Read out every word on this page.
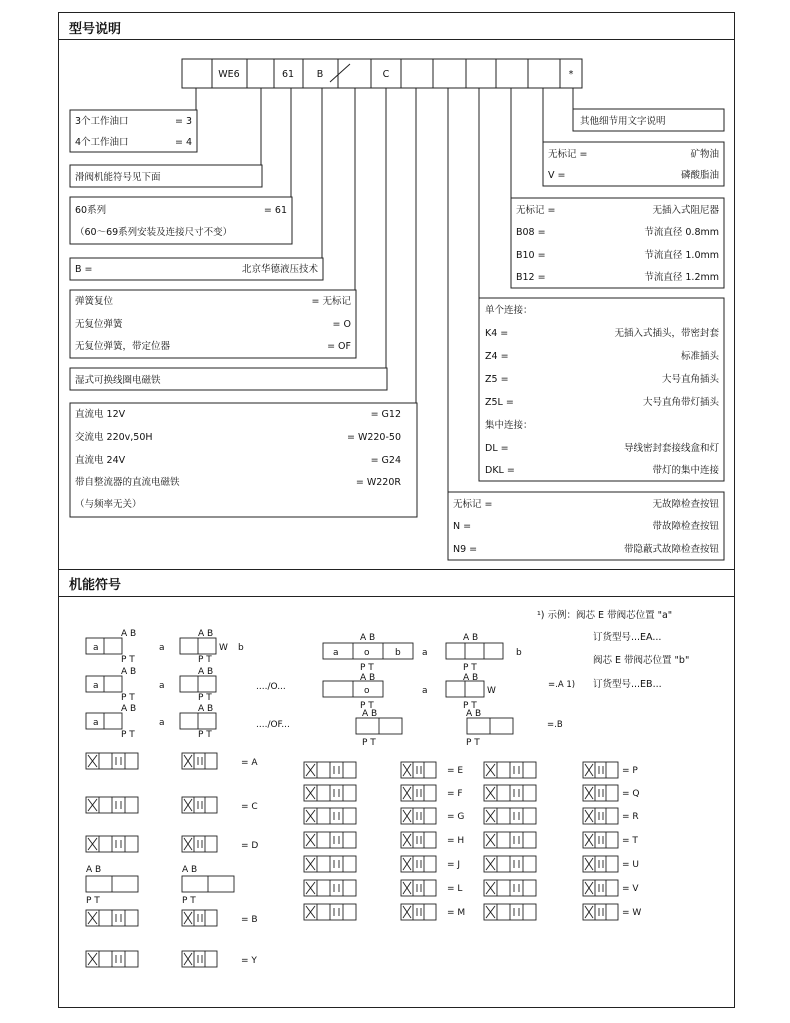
型号说明
机能符号
WE6	61 B	C	*
3个工作油口	= 3
4个工作油口	= 4
滑阀机能符号见下面
60系列	= 61
（60～69系列安装及连接尺寸不变）
B =	北京华德液压技术
弹簧复位	= 无标记
无复位弹簧	= O
无复位弹簧，带定位器	= OF
湿式可换线圈电磁铁
直流电 12V	= G12
交流电 220v,50H	= W220-50
直流电 24V	= G24
带自整流器的直流电磁铁	= W220R
（与频率无关）
其他细节用文字说明
无标记 =	矿物油
V =	磷酸脂油
无标记 =	无插入式阻尼器
B08 =	节流直径 0.8mm
B10 =	节流直径 1.0mm
B12 =	节流直径 1.2mm
单个连接：
K4 =	无插入式插头，带密封套
Z4 =	标准插头
Z5 =	大号直角插头
Z5L =	大号直角带灯插头
集中连接：
DL =	导线密封套接线盒和灯
DKL =	带灯的集中连接
无标记 =	无故障检查按钮
N =	带故障检查按钮
N9 =	带隐蔽式故障检查按钮
A B
a
P T
A B
a
P T
W b
A B
a
P T
A B
a
P T
..../O...
A B
a
P T
A B
a
P T
..../OF...
A B
a	o	b
P T
A B
a	b
P T
A B
o
P T
A B
a	W
P T
A B
P T
A B
P T
¹) 示例：阀芯 E 带阀芯位置 "a"
订货型号...EA...
阀芯 E 带阀芯位置 "b"
订货型号...EB...
=.A 1)
=.B
= A
= C
= D
A B
P T
A B
P T
= B
= Y
= E
= F
= G
= H
= J
= L
= M
= P
= Q
= R
= T
= U
= V
= W
